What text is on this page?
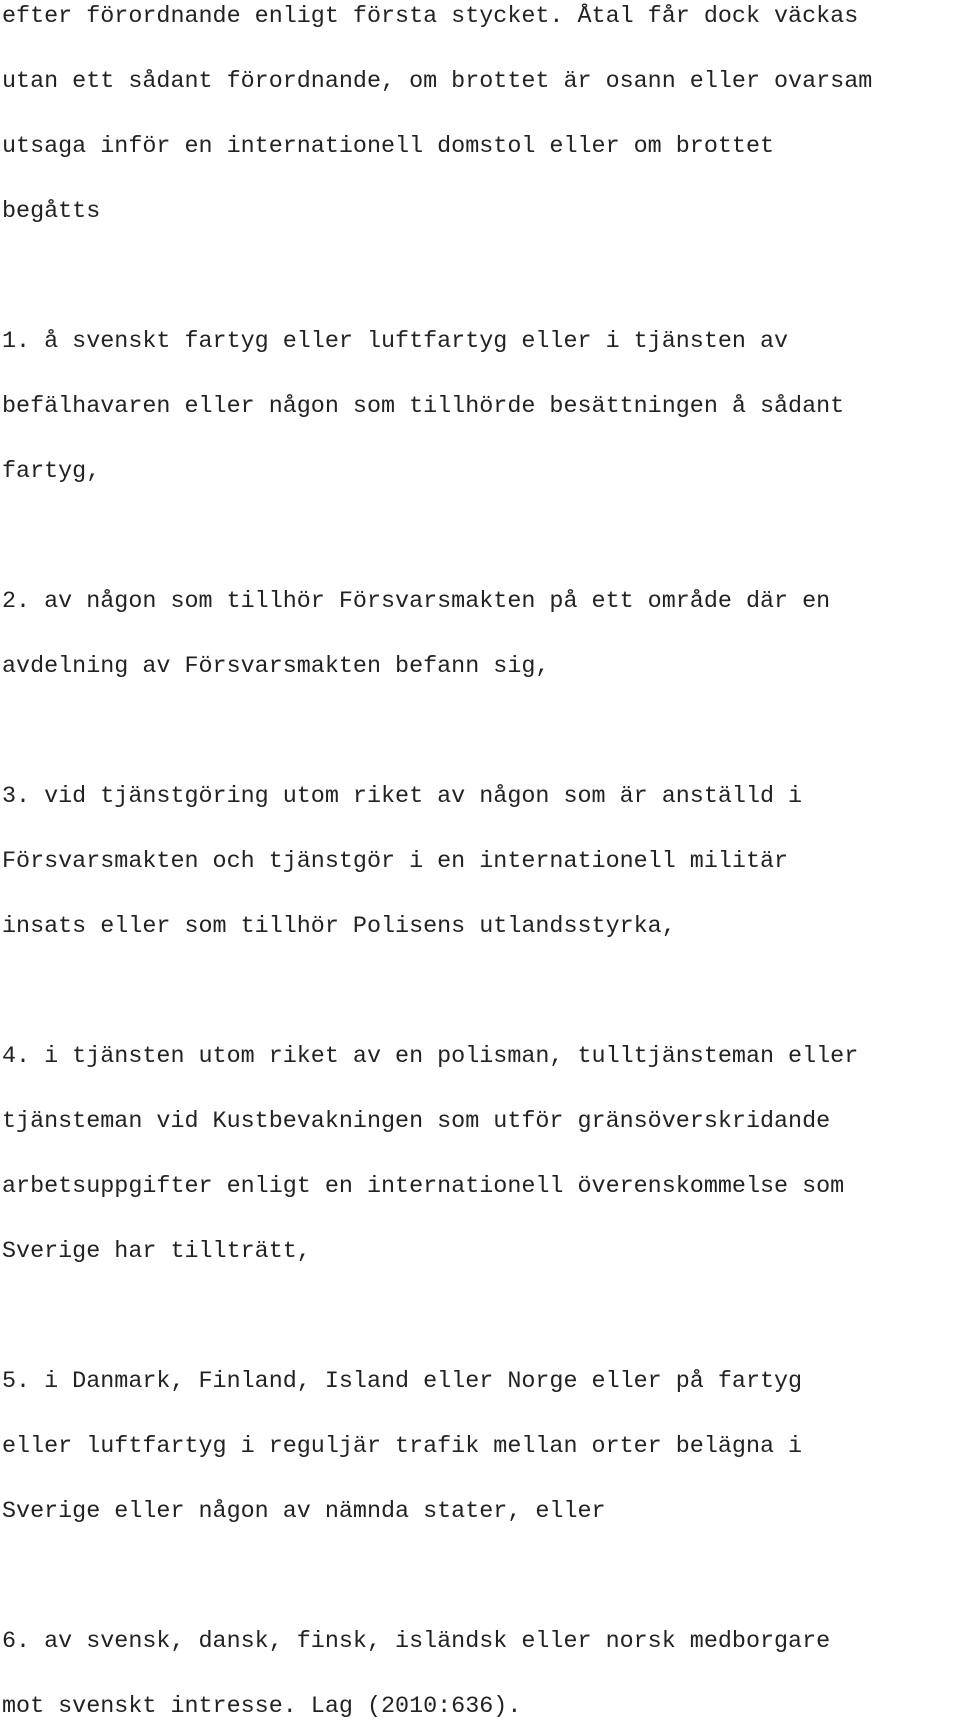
efter förordnande enligt första stycket. Åtal får dock väckas
utan ett sådant förordnande, om brottet är osann eller ovarsam
utsaga inför en internationell domstol eller om brottet
begåtts
1. å svenskt fartyg eller luftfartyg eller i tjänsten av
befälhavaren eller någon som tillhörde besättningen å sådant
fartyg,
2. av någon som tillhör Försvarsmakten på ett område där en
avdelning av Försvarsmakten befann sig,
3. vid tjänstgöring utom riket av någon som är anställd i
Försvarsmakten och tjänstgör i en internationell militär
insats eller som tillhör Polisens utlandsstyrka,
4. i tjänsten utom riket av en polisman, tulltjänsteman eller
tjänsteman vid Kustbevakningen som utför gränsöverskridande
arbetsuppgifter enligt en internationell överenskommelse som
Sverige har tillträtt,
5. i Danmark, Finland, Island eller Norge eller på fartyg
eller luftfartyg i reguljär trafik mellan orter belägna i
Sverige eller någon av nämnda stater, eller
6. av svensk, dansk, finsk, isländsk eller norsk medborgare
mot svenskt intresse. Lag (2010:636).
